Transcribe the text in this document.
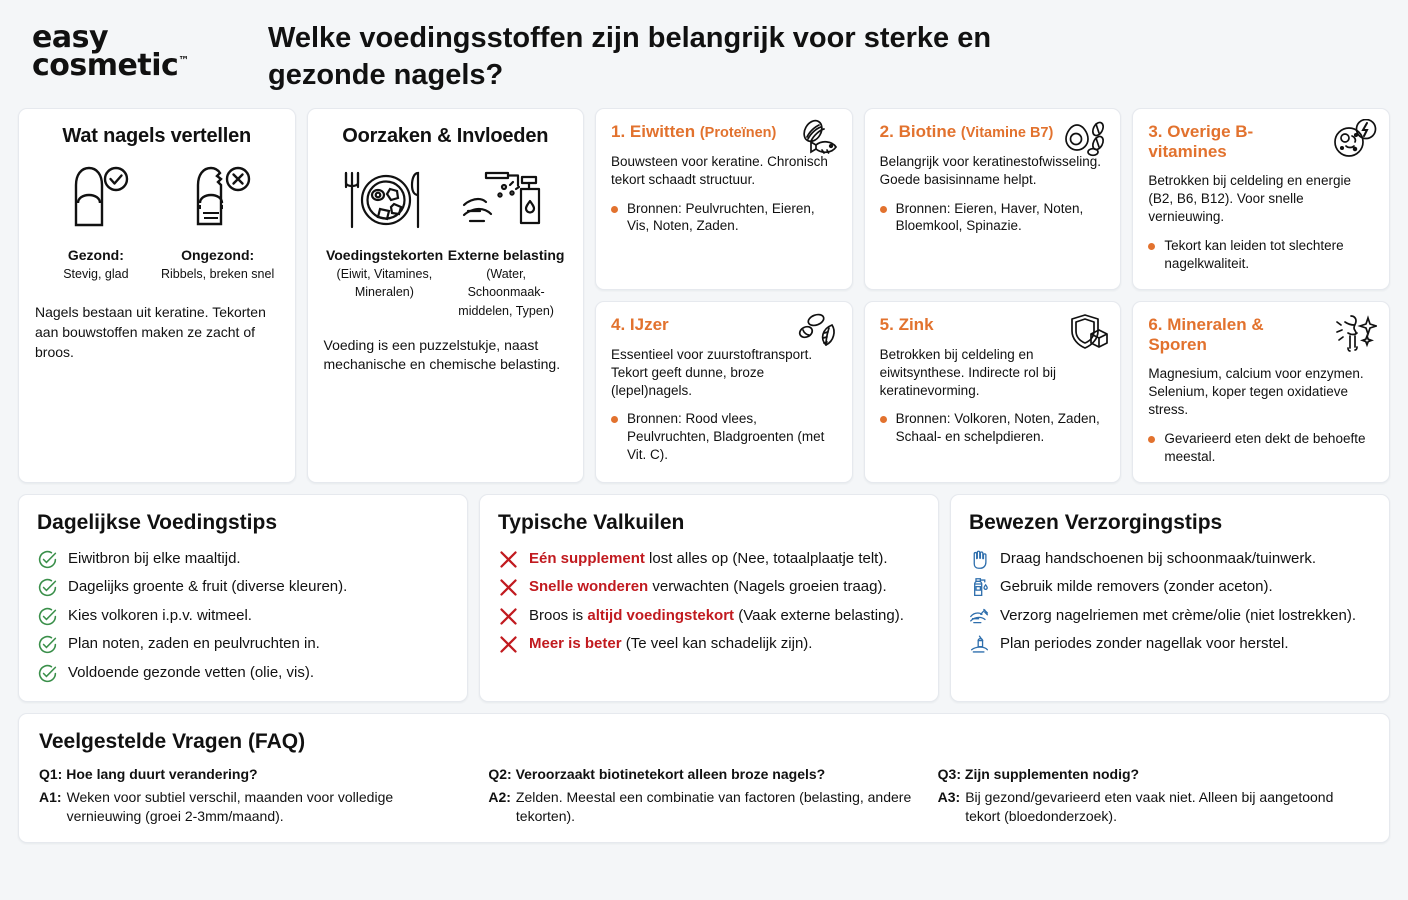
easy
cosmetic™
Welke voedingsstoffen zijn belangrijk voor sterke en gezonde nagels?
Wat nagels vertellen
Gezond:
Stevig, glad
Ongezond:
Ribbels, breken snel
Nagels bestaan uit keratine. Tekorten aan bouwstoffen maken ze zacht of broos.
Oorzaken & Invloeden
Voedingstekorten
(Eiwit, Vitamines, Mineralen)
Externe belasting
(Water, Schoonmaak-middelen, Typen)
Voeding is een puzzelstukje, naast mechanische en chemische belasting.
1. Eiwitten (Proteïnen)
Bouwsteen voor keratine. Chronisch tekort schaadt structuur.
Bronnen: Peulvruchten, Eieren, Vis, Noten, Zaden.
2. Biotine (Vitamine B7)
Belangrijk voor keratinestofwisseling. Goede basisinname helpt.
Bronnen: Eieren, Haver, Noten, Bloemkool, Spinazie.
3. Overige B-vitamines
Betrokken bij celdeling en energie (B2, B6, B12). Voor snelle vernieuwing.
Tekort kan leiden tot slechtere nagelkwaliteit.
4. IJzer
Essentieel voor zuurstoftransport. Tekort geeft dunne, broze (lepel)nagels.
Bronnen: Rood vlees, Peulvruchten, Bladgroenten (met Vit. C).
5. Zink
Betrokken bij celdeling en eiwitsynthese. Indirecte rol bij keratinevorming.
Bronnen: Volkoren, Noten, Zaden, Schaal- en schelpdieren.
6. Mineralen & Sporen
Magnesium, calcium voor enzymen. Selenium, koper tegen oxidatieve stress.
Gevarieerd eten dekt de behoefte meestal.
Dagelijkse Voedingstips
Eiwitbron bij elke maaltijd.
Dagelijks groente & fruit (diverse kleuren).
Kies volkoren i.p.v. witmeel.
Plan noten, zaden en peulvruchten in.
Voldoende gezonde vetten (olie, vis).
Typische Valkuilen
Eén supplement lost alles op (Nee, totaalplaatje telt).
Snelle wonderen verwachten (Nagels groeien traag).
Broos is altijd voedingstekort (Vaak externe belasting).
Meer is beter (Te veel kan schadelijk zijn).
Bewezen Verzorgingstips
Draag handschoenen bij schoonmaak/tuinwerk.
Gebruik milde removers (zonder aceton).
Verzorg nagelriemen met crème/olie (niet lostrekken).
Plan periodes zonder nagellak voor herstel.
Veelgestelde Vragen (FAQ)
Q1: Hoe lang duurt verandering?
A1: Weken voor subtiel verschil, maanden voor volledige vernieuwing (groei 2-3mm/maand).
Q2: Veroorzaakt biotinetekort alleen broze nagels?
A2: Zelden. Meestal een combinatie van factoren (belasting, andere tekorten).
Q3: Zijn supplementen nodig?
A3: Bij gezond/gevarieerd eten vaak niet. Alleen bij aangetoond tekort (bloedonderzoek).
